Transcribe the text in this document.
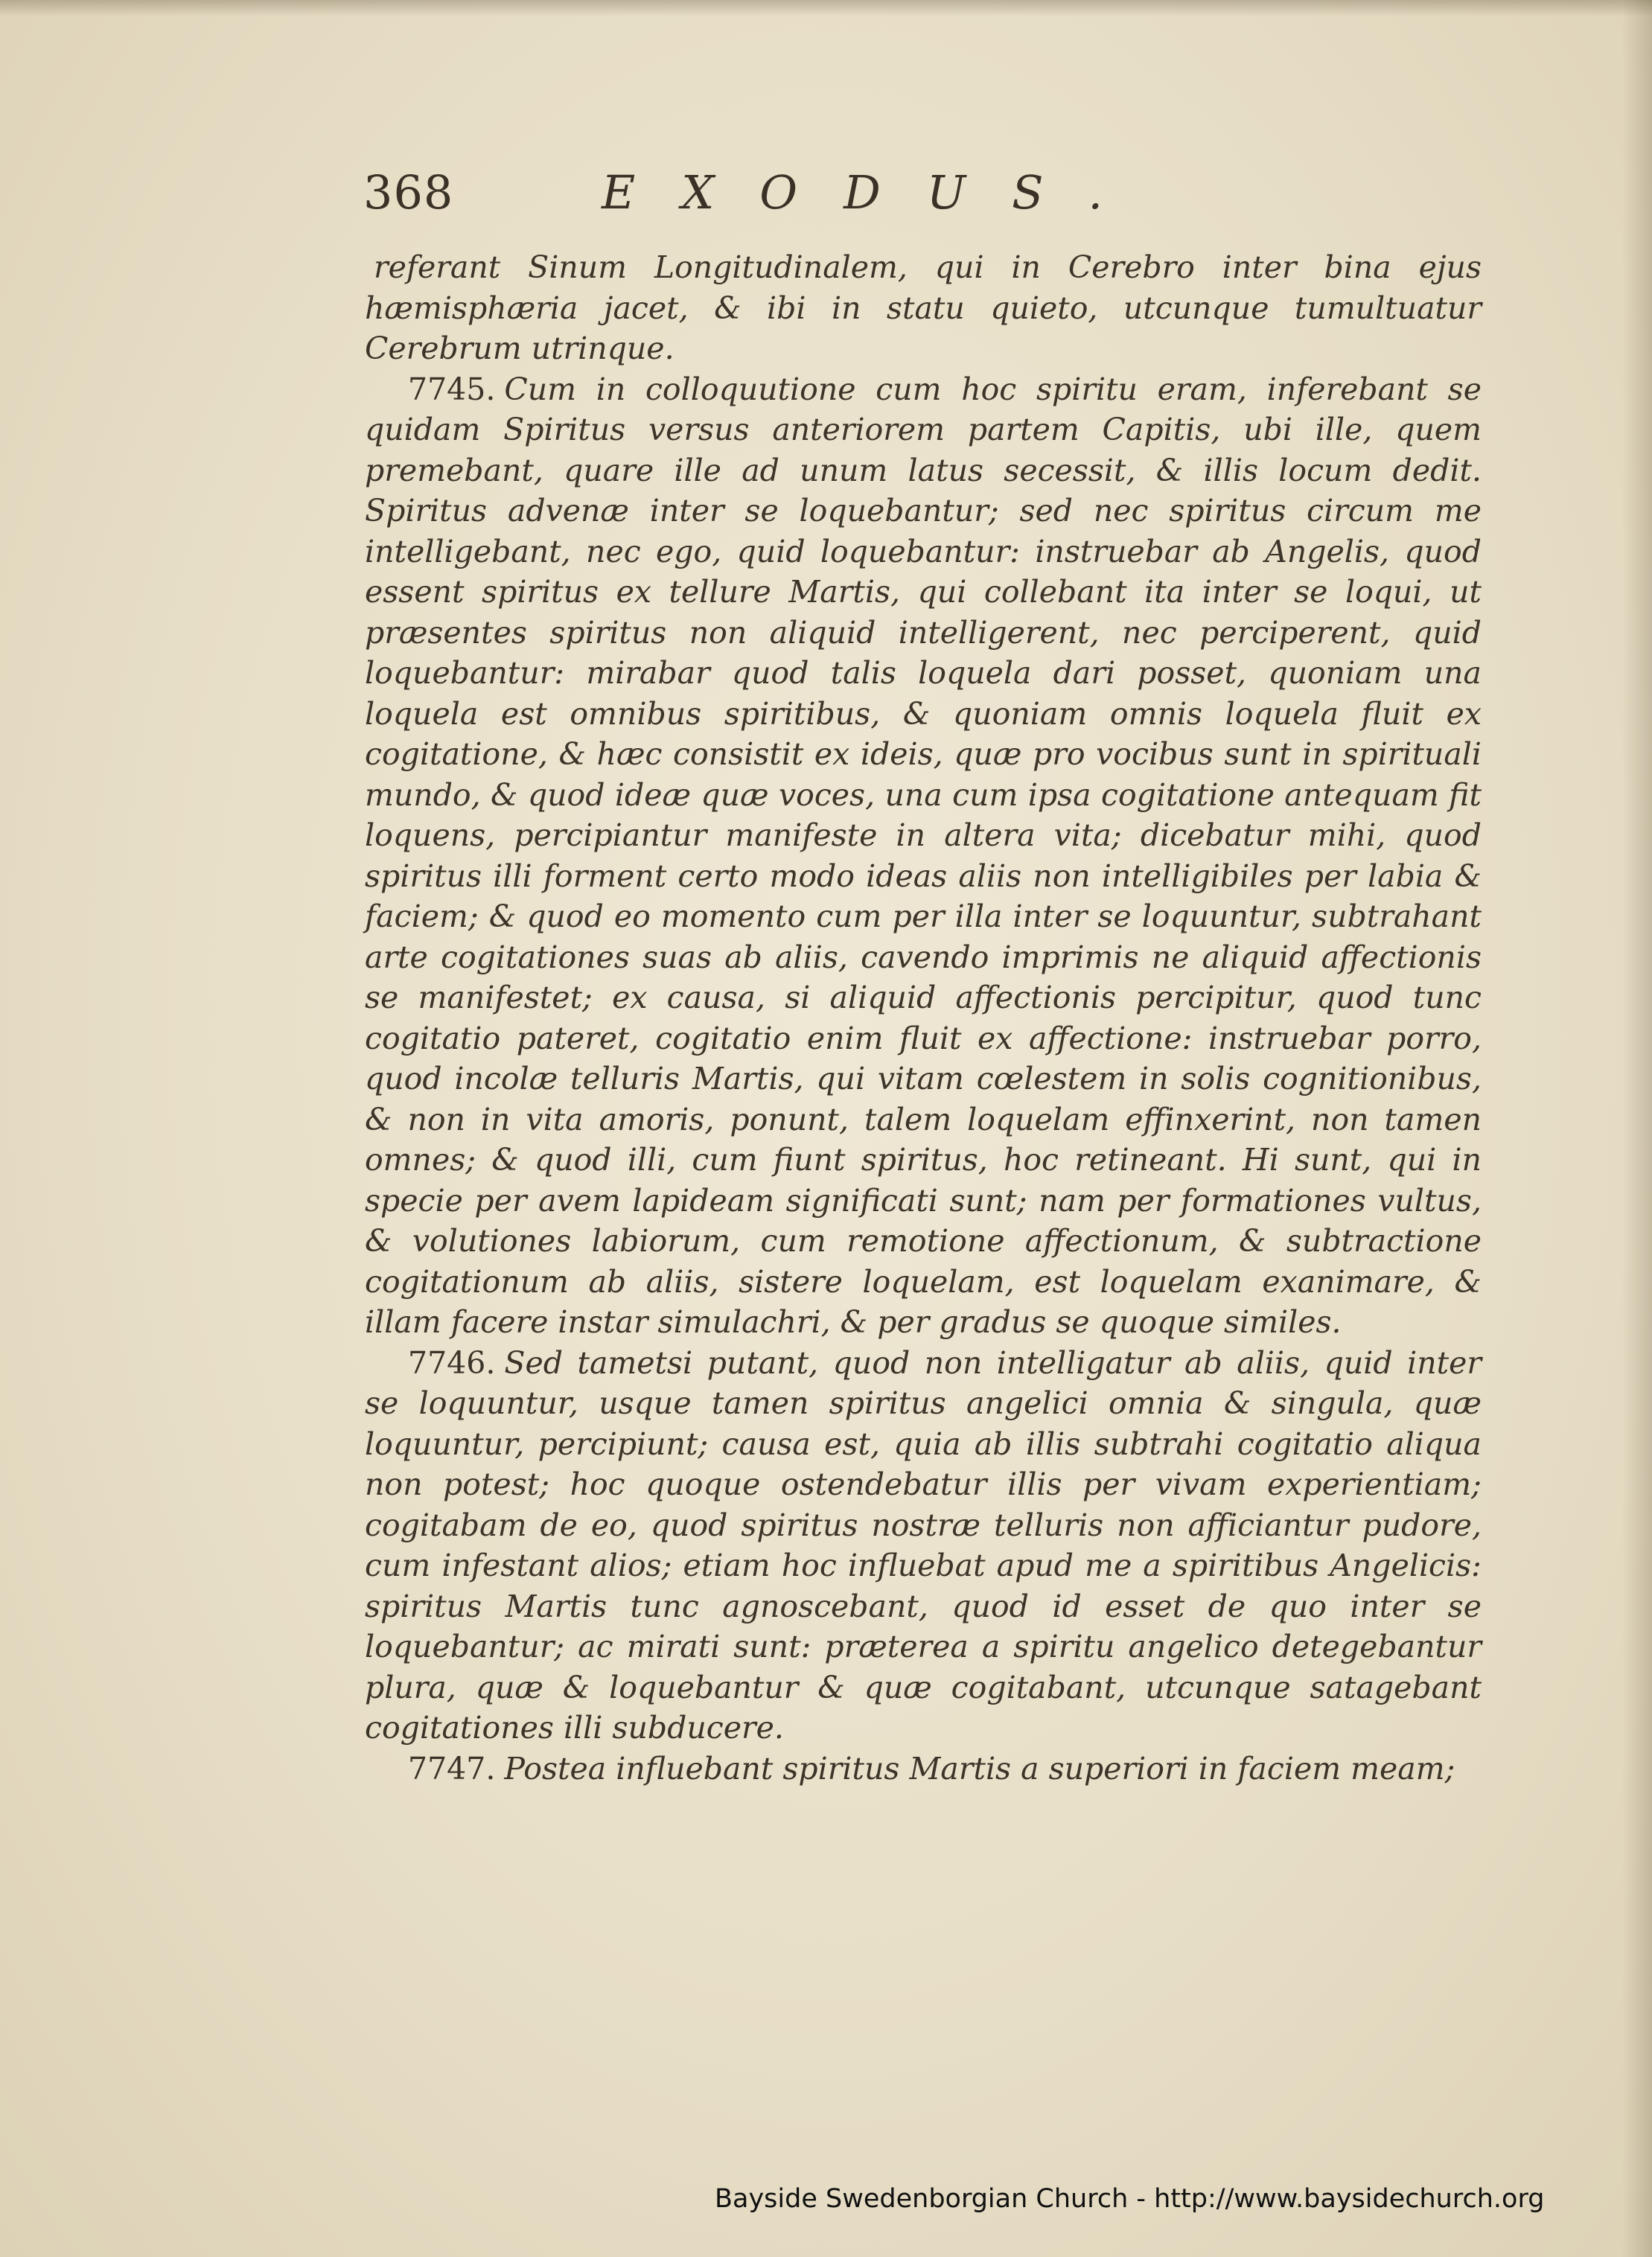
368	EXODUS.

referant Sinum Longitudinalem, qui in Cerebro inter bina ejus hæmisphæria jacet, & ibi in statu quieto, utcunque tumultuatur Cerebrum utrinque.

7745. Cum in colloquutione cum hoc spiritu eram, inferebant se quidam Spiritus versus anteriorem partem Capitis, ubi ille, quem premebant, quare ille ad unum latus secessit, & illis locum dedit. Spiritus advenæ inter se loquebantur; sed nec spiritus circum me intelligebant, nec ego, quid loquebantur: instruebar ab Angelis, quod essent spiritus ex tellure Martis, qui collebant ita inter se loqui, ut præsentes spiritus non aliquid intelligerent, nec perciperent, quid loquebantur: mirabar quod talis loquela dari posset, quoniam una loquela est omnibus spiritibus, & quoniam omnis loquela fluit ex cogitatione, & hæc consistit ex ideis, quæ pro vocibus sunt in spirituali mundo, & quod ideæ quæ voces, una cum ipsa cogitatione antequam fit loquens, percipiantur manifeste in altera vita; dicebatur mihi, quod spiritus illi forment certo modo ideas aliis non intelligibiles per labia & faciem; & quod eo momento cum per illa inter se loquuntur, subtrahant arte cogitationes suas ab aliis, cavendo imprimis ne aliquid affectionis se manifestet; ex causa, si aliquid affectionis percipitur, quod tunc cogitatio pateret, cogitatio enim fluit ex affectione: instruebar porro, quod incolæ telluris Martis, qui vitam cœlestem in solis cognitionibus, & non in vita amoris, ponunt, talem loquelam effinxerint, non tamen omnes; & quod illi, cum fiunt spiritus, hoc retineant. Hi sunt, qui in specie per avem lapideam significati sunt; nam per formationes vultus, & volutiones labiorum, cum remotione affectionum, & subtractione cogitationum ab aliis, sistere loquelam, est loquelam exanimare, & illam facere instar simulachri, & per gradus se quoque similes.

7746. Sed tametsi putant, quod non intelligatur ab aliis, quid inter se loquuntur, usque tamen spiritus angelici omnia & singula, quæ loquuntur, percipiunt; causa est, quia ab illis subtrahi cogitatio aliqua non potest; hoc quoque ostendebatur illis per vivam experientiam; cogitabam de eo, quod spiritus nostræ telluris non afficiantur pudore, cum infestant alios; etiam hoc influebat apud me a spiritibus Angelicis: spiritus Martis tunc agnoscebant, quod id esset de quo inter se loquebantur; ac mirati sunt: præterea a spiritu angelico detegebantur plura, quæ & loquebantur & quæ cogitabant, utcunque satagebant cogitationes illi subducere.

7747. Postea influebant spiritus Martis a superiori in faciem meam;

Bayside Swedenborgian Church - http://www.baysidechurch.org
